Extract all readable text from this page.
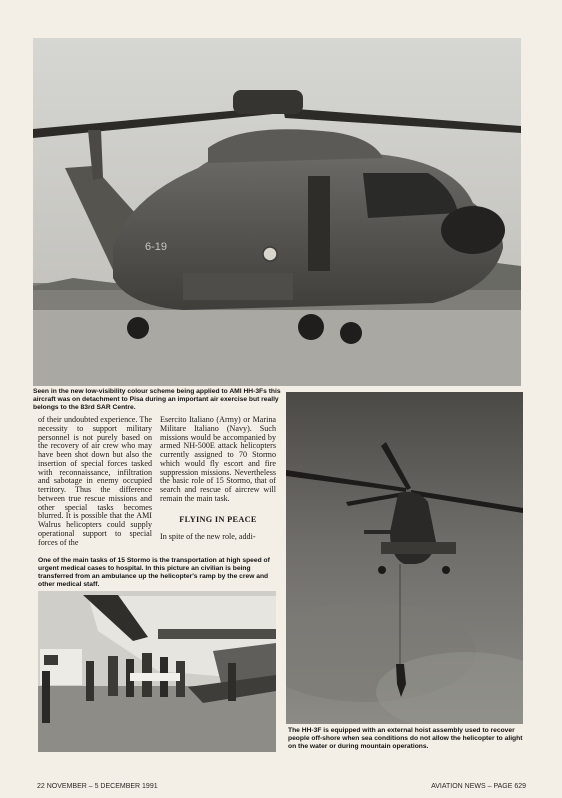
6-19
Seen in the new low-visibility colour scheme being applied to AMI HH-3Fs this aircraft was on detachment to Pisa during an important air exercise but really belongs to the 83rd SAR Centre.

of their undoubted experience. The necessity to support military personnel is not purely based on the recovery of air crew who may have been shot down but also the insertion of special forces tasked with reconnaissance, infiltration and sabotage in enemy occupied territory. Thus the difference between true rescue missions and other special tasks becomes blurred. It is possible that the AMI Walrus helicopters could supply operational support to special forces of the

Esercito Italiano (Army) or Marina Militare Italiano (Navy). Such missions would be accompanied by armed NH-500E attack helicopters currently assigned to 70 Stormo which would fly escort and fire suppression missions. Nevertheless the basic role of 15 Stormo, that of search and rescue of aircrew will remain the main task.

FLYING IN PEACE

In spite of the new role, addi-

One of the main tasks of 15 Stormo is the transportation at high speed of urgent medical cases to hospital. In this picture an civilian is being transferred from an ambulance up the helicopter's ramp by the crew and other medical staff.
The HH-3F is equipped with an external hoist assembly used to recover people off-shore when sea conditions do not allow the helicopter to alight on the water or during mountain operations.
22 NOVEMBER – 5 DECEMBER 1991	AVIATION NEWS – PAGE 629
